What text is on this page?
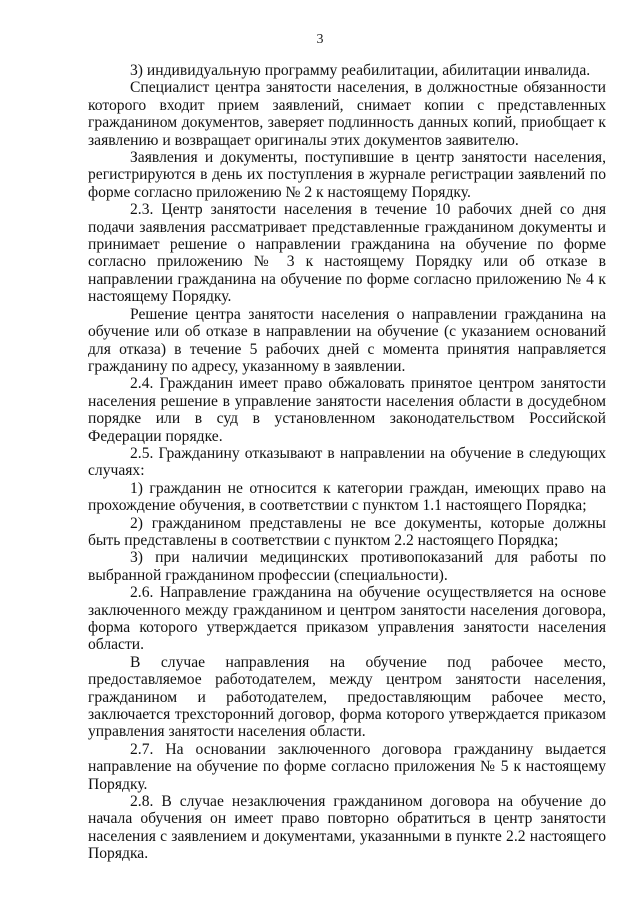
3

3) индивидуальную программу реабилитации, абилитации инвалида.

Специалист центра занятости населения, в должностные обязанности которого входит прием заявлений, снимает копии с представленных гражданином документов, заверяет подлинность данных копий, приобщает к заявлению и возвращает оригиналы этих документов заявителю.

Заявления и документы, поступившие в центр занятости населения, регистрируются в день их поступления в журнале регистрации заявлений по форме согласно приложению № 2 к настоящему Порядку.

2.3. Центр занятости населения в течение 10 рабочих дней со дня подачи заявления рассматривает представленные гражданином документы и принимает решение о направлении гражданина на обучение по форме согласно приложению № 3 к настоящему Порядку или об отказе в направлении гражданина на обучение по форме согласно приложению № 4 к настоящему Порядку.

Решение центра занятости населения о направлении гражданина на обучение или об отказе в направлении на обучение (с указанием оснований для отказа) в течение 5 рабочих дней с момента принятия направляется гражданину по адресу, указанному в заявлении.

2.4. Гражданин имеет право обжаловать принятое центром занятости населения решение в управление занятости населения области в досудебном порядке или в суд в установленном законодательством Российской Федерации порядке.

2.5. Гражданину отказывают в направлении на обучение в следующих случаях:

1) гражданин не относится к категории граждан, имеющих право на прохождение обучения, в соответствии с пунктом 1.1 настоящего Порядка;

2) гражданином представлены не все документы, которые должны быть представлены в соответствии с пунктом 2.2 настоящего Порядка;

3) при наличии медицинских противопоказаний для работы по выбранной гражданином профессии (специальности).

2.6. Направление гражданина на обучение осуществляется на основе заключенного между гражданином и центром занятости населения договора, форма которого утверждается приказом управления занятости населения области.

В случае направления на обучение под рабочее место, предоставляемое работодателем, между центром занятости населения, гражданином и работодателем, предоставляющим рабочее место, заключается трехсторонний договор, форма которого утверждается приказом управления занятости населения области.

2.7. На основании заключенного договора гражданину выдается направление на обучение по форме согласно приложения № 5 к настоящему Порядку.

2.8. В случае незаключения гражданином договора на обучение до начала обучения он имеет право повторно обратиться в центр занятости населения с заявлением и документами, указанными в пункте 2.2 настоящего Порядка.
